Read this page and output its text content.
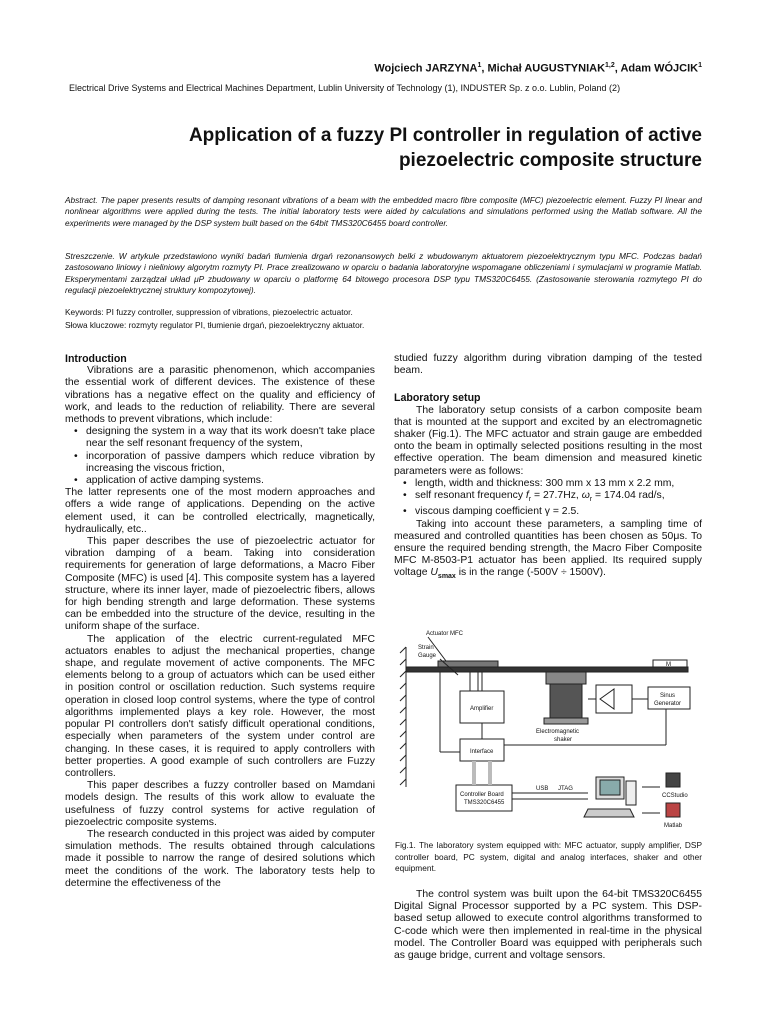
Wojciech JARZYNA$^1$, Michał AUGUSTYNIAK$^{1,2}$, Adam WÓJCIK$^1$
Electrical Drive Systems and Electrical Machines Department, Lublin University of Technology (1), INDUSTER Sp. z o.o. Lublin, Poland (2)
Application of a fuzzy PI controller in regulation of active
piezoelectric composite structure
Abstract. The paper presents results of damping resonant vibrations of a beam with the embedded macro fibre composite (MFC) piezoelectric element. Fuzzy PI linear and nonlinear algorithms were applied during the tests. The initial laboratory tests were aided by calculations and simulations performed using the Matlab software. All the experiments were managed by the DSP system built based on the 64bit TMS320C6455 board controller.
Streszczenie. W artykule przedstawiono wyniki badań tłumienia drgań rezonansowych belki z wbudowanym aktuatorem piezoelektrycznym typu MFC. Podczas badań zastosowano liniowy i nieliniowy algorytm rozmyty PI. Prace zrealizowano w oparciu o badania laboratoryjne wspomagane obliczeniami i symulacjami w programie Matlab. Eksperymentami zarządzał układ μP zbudowany w oparciu o platformę 64 bitowego procesora DSP typu TMS320C6455. (Zastosowanie sterowania rozmytego PI do regulacji piezoelektrycznej struktury kompozytowej).
Keywords: PI fuzzy controller, suppression of vibrations, piezoelectric actuator.
Słowa kluczowe: rozmyty regulator PI, tłumienie drgań, piezoelektryczny aktuator.

Introduction

Vibrations are a parasitic phenomenon, which accompanies the essential work of different devices. The existence of these vibrations has a negative effect on the quality and efficiency of work, and leads to the reduction of reliability. There are several methods to prevent vibrations, which include:

• designing the system in a way that its work doesn't take place near the self resonant frequency of the system,
• incorporation of passive dampers which reduce vibration by increasing the viscous friction,
• application of active damping systems.

The latter represents one of the most modern approaches and offers a wide range of applications. Depending on the active element used, it can be controlled electrically, magnetically, hydraulically, etc..

This paper describes the use of piezoelectric actuator for vibration damping of a beam. Taking into consideration requirements for generation of large deformations, a Macro Fiber Composite (MFC) is used [4]. This composite system has a layered structure, where its inner layer, made of piezoelectric fibers, allows for high bending strength and large deformation. These systems can be embedded into the structure of the device, resulting in the uniform shape of the surface.

The application of the electric current-regulated MFC actuators enables to adjust the mechanical properties, change shape, and regulate movement of active components. The MFC elements belong to a group of actuators which can be used either in position control or oscillation reduction. Such systems require operation in closed loop control systems, where the type of control algorithms implemented plays a key role. However, the most popular PI controllers don't satisfy difficult operational conditions, especially when parameters of the system under control are changing. In these cases, it is required to apply controllers with better properties. A good example of such controllers are Fuzzy controllers.

This paper describes a fuzzy controller based on Mamdani models design. The results of this work allow to evaluate the usefulness of fuzzy control systems for active regulation of piezoelectric composite systems.

The research conducted in this project was aided by computer simulation methods. The results obtained through calculations made it possible to narrow the range of desired solutions which meet the conditions of the work. The laboratory tests help to determine the effectiveness of the

studied fuzzy algorithm during vibration damping of the tested beam.

Laboratory setup

The laboratory setup consists of a carbon composite beam that is mounted at the support and excited by an electromagnetic shaker (Fig.1). The MFC actuator and strain gauge are embedded onto the beam in optimally selected positions resulting in the most effective operation. The beam dimension and measured kinetic parameters were as follows:

• length, width and thickness: 300 mm x 13 mm x 2.2 mm,
• self resonant frequency $f_r = 27.7Hz$, $\omega_r = 174.04$ rad/s,
• viscous damping coefficient γ = 2.5.

Taking into account these parameters, a sampling time of measured and controlled quantities has been chosen as 50μs. To ensure the required bending strength, the Macro Fiber Composite MFC M-8503-P1 actuator has been applied. Its required supply voltage $U_{smax}$ is in the range (-500V ÷ 1500V).

Actuator MFC
Strain
Gauge
M
Sinus
Generator
Amplifier
Electromagnetic
shaker
Interface
Controller Board
TMS320C6455
USB JTAG
CCStudio
Matlab
Fig.1. The laboratory system equipped with: MFC actuator, supply amplifier, DSP controller board, PC system, digital and analog interfaces, shaker and other equipment.

The control system was built upon the 64-bit TMS320C6455 Digital Signal Processor supported by a PC system. This DSP-based setup allowed to execute control algorithms transformed to C-code which were then implemented in real-time in the physical model. The Controller Board was equipped with peripherals such as gauge bridge, current and voltage sensors.
